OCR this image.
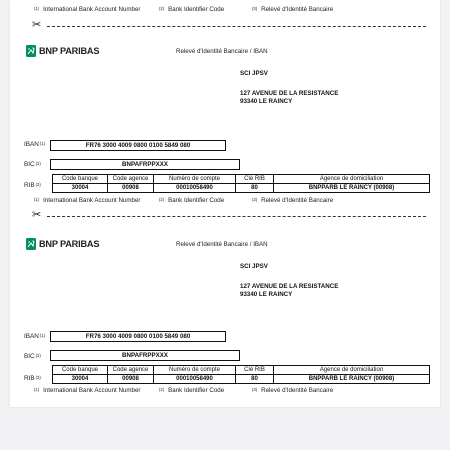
$^{(1)}$ International Bank Account Number	$^{(2)}$ Bank Identifier Code	$^{(3)}$ Relevé d'Identité Bancaire
✂
BNP PARIBAS	Relevé d'Identité Bancaire / IBAN
SCI JPSV
127 AVENUE DE LA RESISTANCE
93340 LE RAINCY
IBAN$^{(1)}$	FR76 3000 4009 0800 0100 5849 080
BIC$^{(2)}$	BNPAFRPPXXX
RIB$^{(3)}$
Code banque	Code agence	Numéro de compte	Clé RIB	Agence de domiciliation
30004	00908	00010058490	80	BNPPARB LE RAINCY (00908)
$^{(1)}$ International Bank Account Number	$^{(2)}$ Bank Identifier Code	$^{(3)}$ Relevé d'Identité Bancaire
✂
BNP PARIBAS	Relevé d'Identité Bancaire / IBAN
SCI JPSV
127 AVENUE DE LA RESISTANCE
93340 LE RAINCY
IBAN$^{(1)}$	FR76 3000 4009 0800 0100 5849 080
BIC$^{(2)}$	BNPAFRPPXXX
RIB$^{(3)}$
Code banque	Code agence	Numéro de compte	Clé RIB	Agence de domiciliation
30004	00908	00010058490	80	BNPPARB LE RAINCY (00908)
$^{(1)}$ International Bank Account Number	$^{(2)}$ Bank Identifier Code	$^{(3)}$ Relevé d'Identité Bancaire
